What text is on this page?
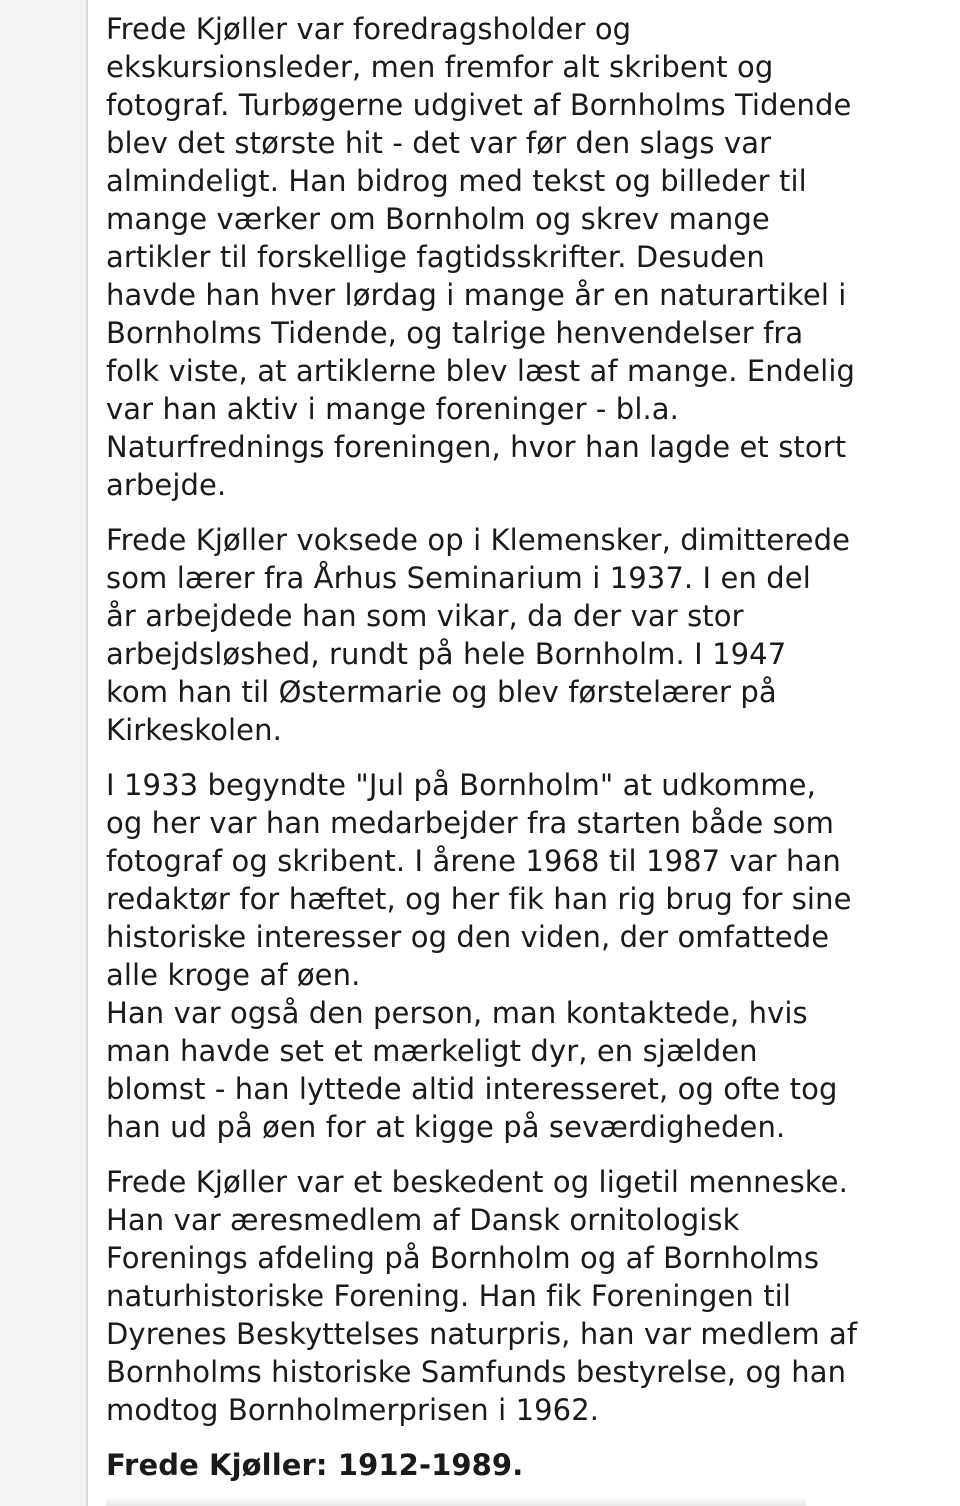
Frede Kjøller var foredragsholder og
ekskursionsleder, men fremfor alt skribent og
fotograf. Turbøgerne udgivet af Bornholms Tidende
blev det største hit - det var før den slags var
almindeligt. Han bidrog med tekst og billeder til
mange værker om Bornholm og skrev mange
artikler til forskellige fagtidsskrifter. Desuden
havde han hver lørdag i mange år en naturartikel i
Bornholms Tidende, og talrige henvendelser fra
folk viste, at artiklerne blev læst af mange. Endelig
var han aktiv i mange foreninger - bl.a.
Naturfrednings foreningen, hvor han lagde et stort
arbejde.

Frede Kjøller voksede op i Klemensker, dimitterede
som lærer fra Århus Seminarium i 1937. I en del
år arbejdede han som vikar, da der var stor
arbejdsløshed, rundt på hele Bornholm. I 1947
kom han til Østermarie og blev førstelærer på
Kirkeskolen.

I 1933 begyndte "Jul på Bornholm" at udkomme,
og her var han medarbejder fra starten både som
fotograf og skribent. I årene 1968 til 1987 var han
redaktør for hæftet, og her fik han rig brug for sine
historiske interesser og den viden, der omfattede
alle kroge af øen.
Han var også den person, man kontaktede, hvis
man havde set et mærkeligt dyr, en sjælden
blomst - han lyttede altid interesseret, og ofte tog
han ud på øen for at kigge på seværdigheden.

Frede Kjøller var et beskedent og ligetil menneske.
Han var æresmedlem af Dansk ornitologisk
Forenings afdeling på Bornholm og af Bornholms
naturhistoriske Forening. Han fik Foreningen til
Dyrenes Beskyttelses naturpris, han var medlem af
Bornholms historiske Samfunds bestyrelse, og han
modtog Bornholmerprisen i 1962.

Frede Kjøller: 1912-1989.
